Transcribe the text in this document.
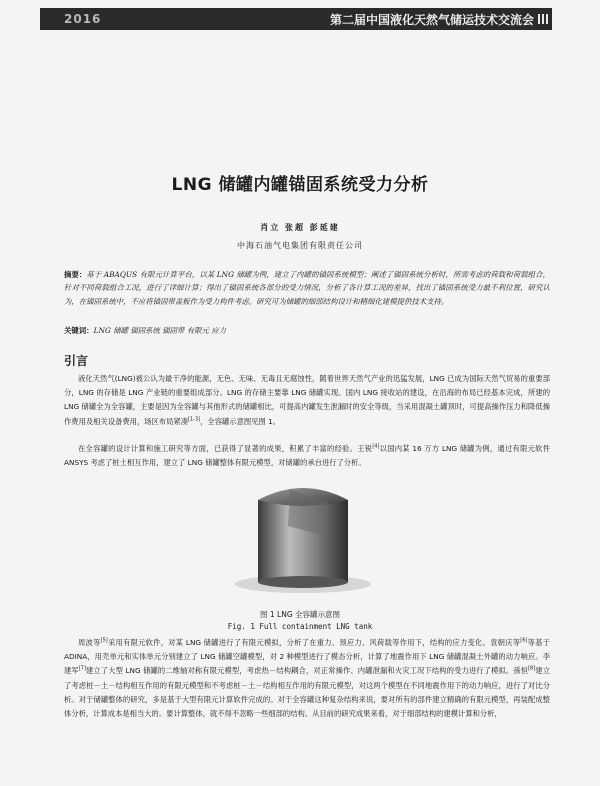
2016	第二届中国液化天然气储运技术交流会
LNG 储罐内罐锚固系统受力分析
肖立 张超 彭延建
中海石油气电集团有限责任公司
摘要：基于 ABAQUS 有限元计算平台，以某 LNG 储罐为例，建立了内罐的锚固系统模型；阐述了锚固系统分析时，所需考虑的荷载和荷载组合，针对不同荷载组合工况，进行了详细计算；得出了锚固系统各部分的受力情况，分析了各计算工况的差异，找出了锚固系统受力最不利位置，研究认为，在锚固系统中，不应将锚固带盖板作为受力构件考虑。研究可为储罐的细部结构设计和精细化建模提供技术支持。
关键词：LNG 储罐 锚固系统 锚固带 有限元 应力
引言
液化天然气(LNG)被公认为最干净的能源，无色、无味、无毒且无腐蚀性，随着世界天然气产业的迅猛发展，LNG 已成为国际天然气贸易的重要部分，LNG 的存储是 LNG 产业链的重要组成部分。LNG 的存储主要靠 LNG 储罐实现。国内 LNG 接收站的建设，在沿海的布局已经基本完成，所建的 LNG 储罐全为全容罐，主要是因为全容罐与其他形式的储罐相比，可提高内罐发生泄漏时的安全等级，当采用混凝土罐顶时，可提高操作压力和降低操作费用及相关设备费用，场区布局紧凑[1-3]，全容罐示意图见图 1。
在全容罐的设计计算和施工研究等方面，已获得了显著的成果，积累了丰富的经验。王锐[4]以国内某 16 万方 LNG 储罐为例，通过有限元软件 ANSYS 考虑了桩土相互作用，建立了 LNG 储罐整体有限元模型，对储罐的承台进行了分析。
图 1 LNG 全容罐示意图
Fig. 1 Full containment LNG tank
周波等[5]采用有限元软件，对某 LNG 储罐进行了有限元模拟，分析了在重力、预应力、风荷载等作用下，结构的应力变化。袁朝庆等[6]等基于 ADINA，用壳单元和实体单元分别建立了 LNG 储罐空罐模型，对 2 种模型进行了模态分析，计算了地震作用下 LNG 储罐混凝土外罐的动力响应。李建军[7]建立了大型 LNG 储罐的二维轴对称有限元模型，考虑热－结构耦合，对正常操作、内罐泄漏和火灾工况下结构的受力进行了模拟。孫恒[8]建立了考虑桩－土－结构相互作用的有限元模型和不考虑桩－土－结构相互作用的有限元模型，对这两个模型在不同地震作用下的动力响应，进行了对比分析。对于储罐整体的研究，多是基于大型有限元计算软件完成的。对于全容罐这种复杂结构来说，要对所有的部件建立精确的有限元模型，再装配成整体分析，计算成本是相当大的。要计算整体，就不得不忽略一些细部的结构。从目前的研究成果来看，对于细部结构的建模计算和分析，
